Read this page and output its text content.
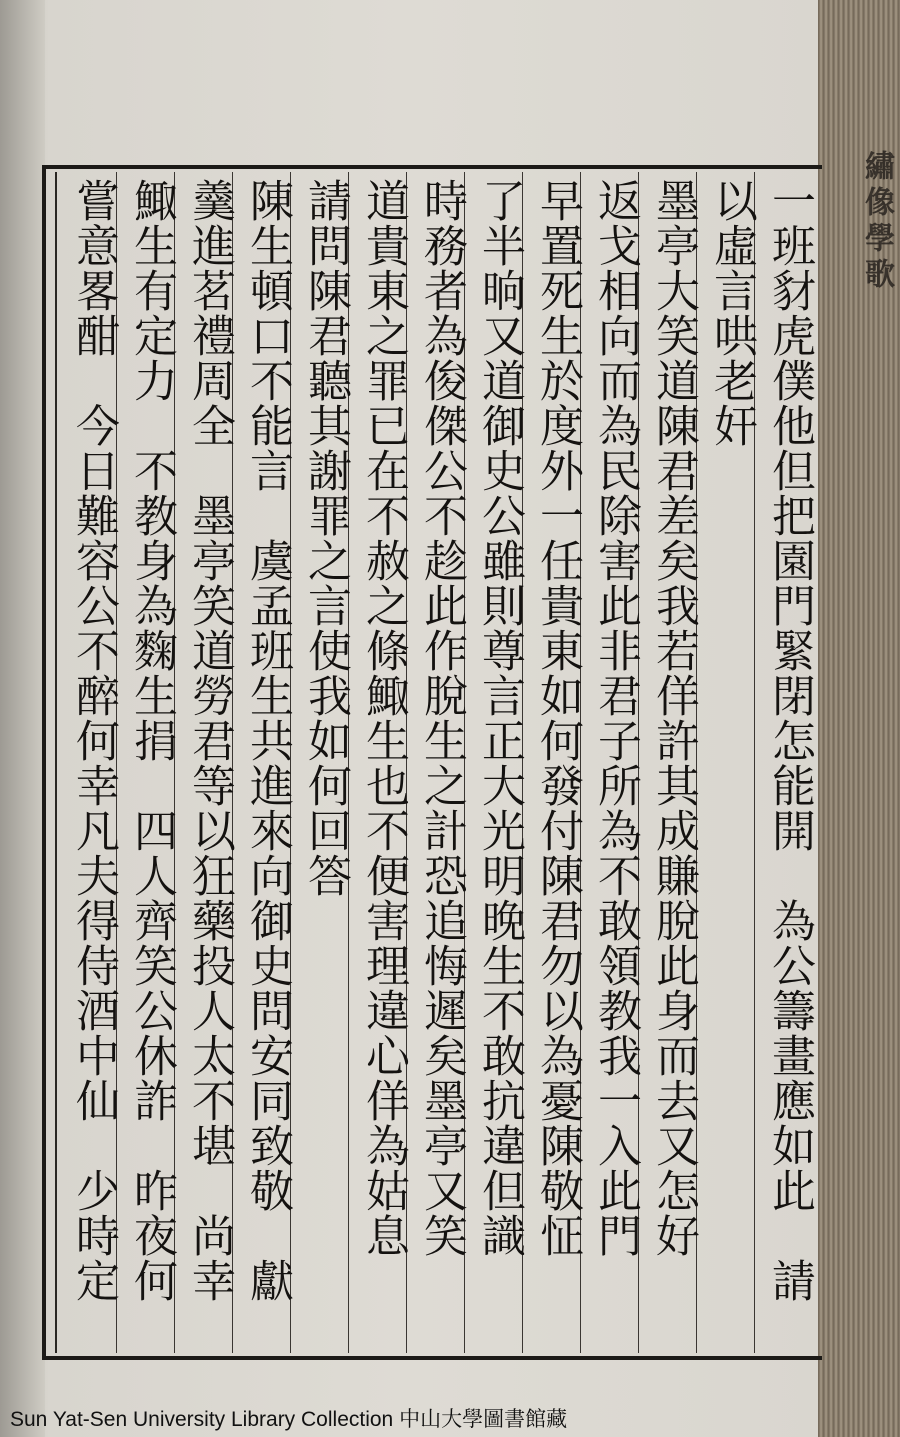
繡像學歌
一班豺虎僕他但把園門緊閉怎能開　為公籌畫應如此　請
以虛言哄老奸
墨亭大笑道陳君差矣我若佯許其成賺脫此身而去又怎好
返戈相向而為民除害此非君子所為不敢領教我一入此門
早置死生於度外一任貴東如何發付陳君勿以為憂陳敬怔
了半晌又道御史公雖則尊言正大光明晚生不敢抗違但識
時務者為俊傑公不趁此作脫生之計恐追悔遲矣墨亭又笑
道貴東之罪已在不赦之條鯫生也不便害理違心佯為姑息
請問陳君聽其謝罪之言使我如何回答
陳生頓口不能言　虞孟班生共進來向御史問安同致敬　獻
羹進茗禮周全　墨亭笑道勞君等以狂藥投人太不堪　尚幸
鯫生有定力　不教身為麴生捐　四人齊笑公休詐　昨夜何
嘗意畧酣　今日難容公不醉何幸凡夫得侍酒中仙　少時定
Sun Yat-Sen University Library Collection 中山大學圖書館藏
